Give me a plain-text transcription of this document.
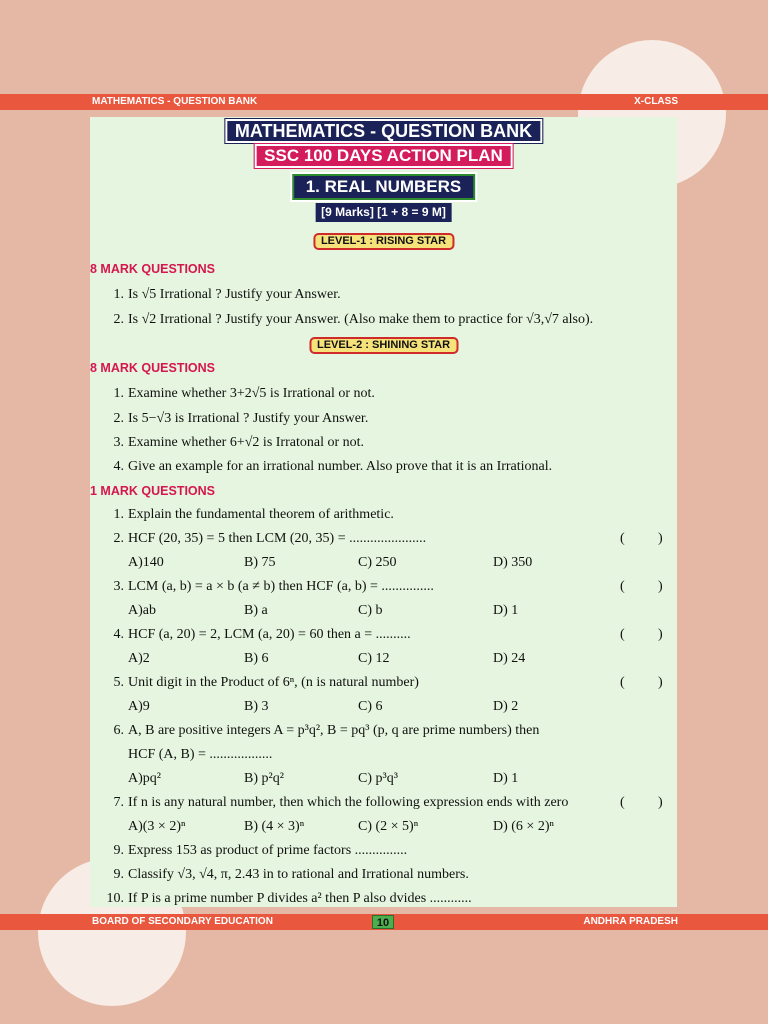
MATHEMATICS - QUESTION BANK	X-CLASS
BOARD OF SECONDARY EDUCATION	10	ANDHRA PRADESH
MATHEMATICS - QUESTION BANK
SSC 100 DAYS ACTION PLAN
1. REAL NUMBERS
[9 Marks] [1 + 8 = 9 M]
LEVEL-1 : RISING STAR
8 MARK QUESTIONS
1. Is √5 Irrational ? Justify your Answer.
2. Is √2 Irrational ? Justify your Answer. (Also make them to practice for √3,√7 also).
LEVEL-2 : SHINING STAR
8 MARK QUESTIONS
1. Examine whether 3+2√5 is Irrational or not.
2. Is 5−√3 is Irrational ? Justify your Answer.
3. Examine whether 6+√2 is Irratonal or not.
4. Give an example for an irrational number. Also prove that it is an Irrational.
1 MARK QUESTIONS
1. Explain the fundamental theorem of arithmetic.
2. HCF (20, 35) = 5 then LCM (20, 35) = ......................	( )
A)140	B) 75	C) 250	D) 350
3. LCM (a, b) = a × b (a ≠ b) then HCF (a, b) = ...............	( )
A)ab	B) a	C) b	D) 1
4. HCF (a, 20) = 2, LCM (a, 20) = 60 then a = ..........	( )
A)2	B) 6	C) 12	D) 24
5. Unit digit in the Product of 6ⁿ, (n is natural number)	( )
A)9	B) 3	C) 6	D) 2
6. A, B are positive integers A = p³q², B = pq³ (p, q are prime numbers) then
HCF (A, B) = ..................
A)pq²	B) p²q²	C) p³q³	D) 1
7. If n is any natural number, then which the following expression ends with zero	( )
A)(3 × 2)ⁿ	B) (4 × 3)ⁿ	C) (2 × 5)ⁿ	D) (6 × 2)ⁿ
9. Express 153 as product of prime factors ...............
9. Classify √3, √4, π, 2.43 in to rational and Irrational numbers.
10. If P is a prime number P divides a² then P also dvides ............
